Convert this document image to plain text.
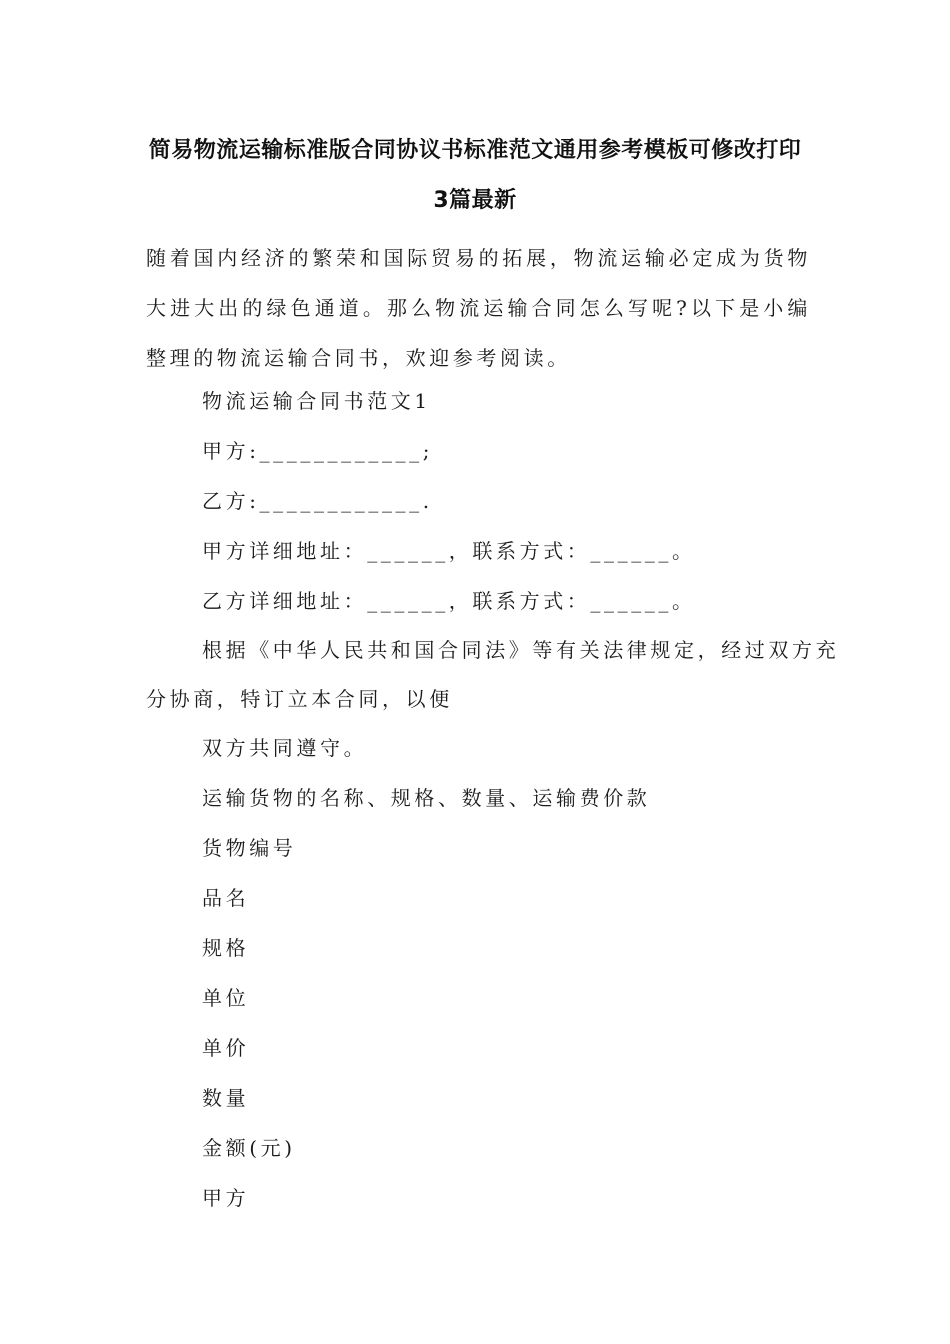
简易物流运输标准版合同协议书标准范文通用参考模板可修改打印
3篇最新
随着国内经济的繁荣和国际贸易的拓展，物流运输必定成为货物大进大出的绿色通道。那么物流运输合同怎么写呢?以下是小编整理的物流运输合同书，欢迎参考阅读。
物流运输合同书范文1
甲方:____________;
乙方:____________.
甲方详细地址：______，联系方式：______。
乙方详细地址：______，联系方式：______。
根据《中华人民共和国合同法》等有关法律规定，经过双方充
分协商，特订立本合同，以便
双方共同遵守。
运输货物的名称、规格、数量、运输费价款
货物编号
品名
规格
单位
单价
数量
金额(元)
甲方
